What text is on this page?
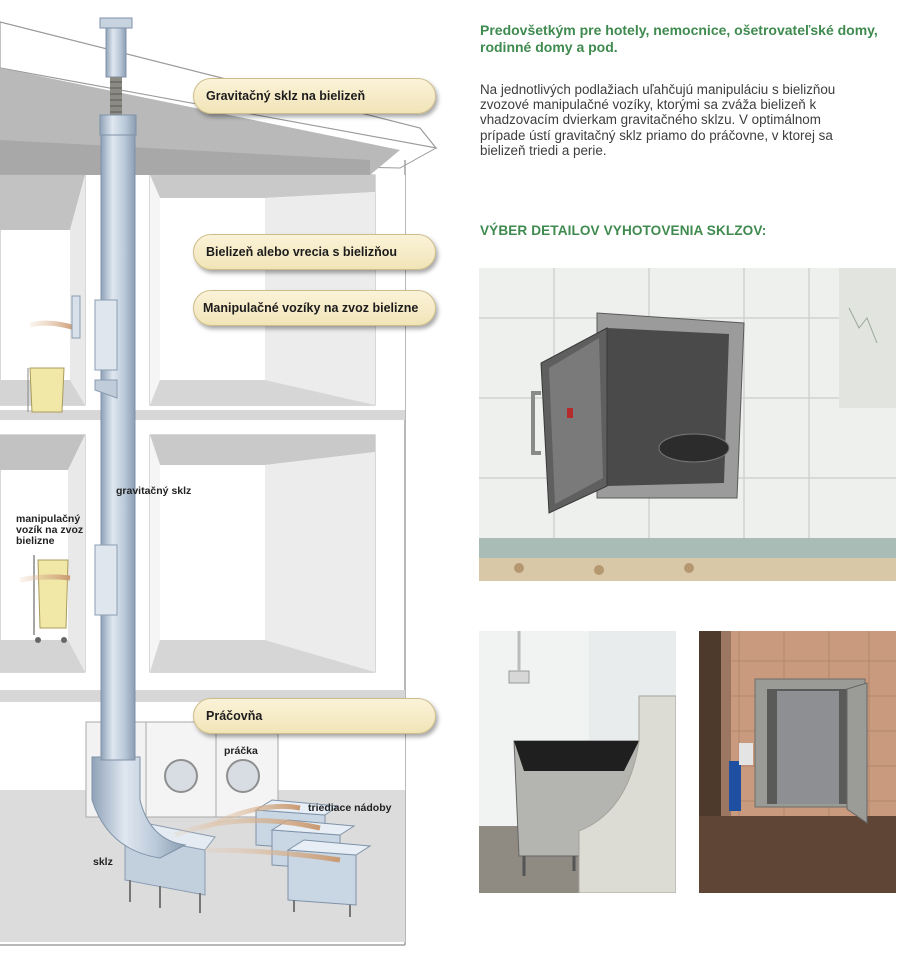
Gravitačný sklz na bielizeň
Bielizeň alebo vrecia s bielizňou
Manipulačné vozíky na zvoz bielizne
Práčovňa
gravitačný sklz
manipulačný vozík na zvoz bielizne
práčka
triediace nádoby
sklz
Predovšetkým pre hotely, nemocnice, ošetrovateľské domy, rodinné domy a pod.
Na jednotlivých podlažiach uľahčujú manipuláciu s bielizňou zvozové manipulačné vozíky, ktorými sa zváža bielizeň k vhadzovacím dvierkam gravitačného sklzu. V optimálnom prípade ústí gravitačný sklz priamo do práčovne, v ktorej sa bielizeň triedi a perie.
VÝBER DETAILOV VYHOTOVENIA SKLZOV:
